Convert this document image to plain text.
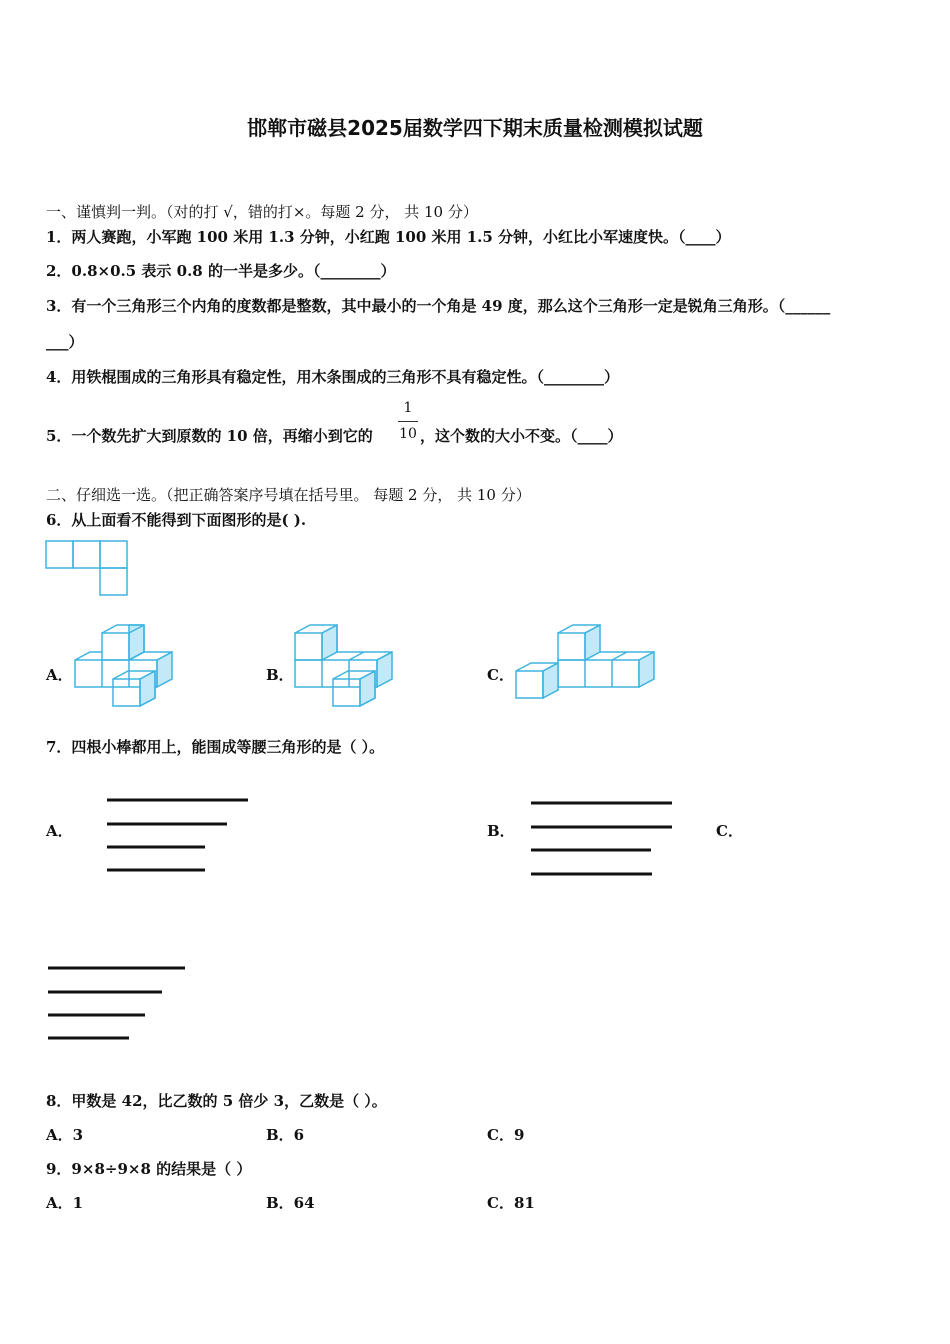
邯郸市磁县2025届数学四下期末质量检测模拟试题
一、谨慎判一判。（对的打 √，错的打×。每题 2 分， 共 10 分）
1．两人赛跑，小军跑 100 米用 1.3 分钟，小红跑 100 米用 1.5 分钟，小红比小军速度快。（____）
2．0.8×0.5 表示 0.8 的一半是多少。（________）
3．有一个三角形三个内角的度数都是整数，其中最小的一个角是 49 度，那么这个三角形一定是锐角三角形。（______
___）
4．用铁棍围成的三角形具有稳定性，用木条围成的三角形不具有稳定性。（________）
5．一个数先扩大到原数的 10 倍，再缩小到它的
1
10 ，这个数的大小不变。（____）
二、仔细选一选。（把正确答案序号填在括号里。 每题 2 分， 共 10 分）
6．从上面看不能得到下面图形的是( ).
A．	B．	C．
7．四根小棒都用上，能围成等腰三角形的是（ ）。
A．	B．	C．
8．甲数是 42，比乙数的 5 倍少 3，乙数是（ ）。
A．3	B．6	C．9
9．9×8÷9×8 的结果是（ ）
A．1	B．64	C．81
